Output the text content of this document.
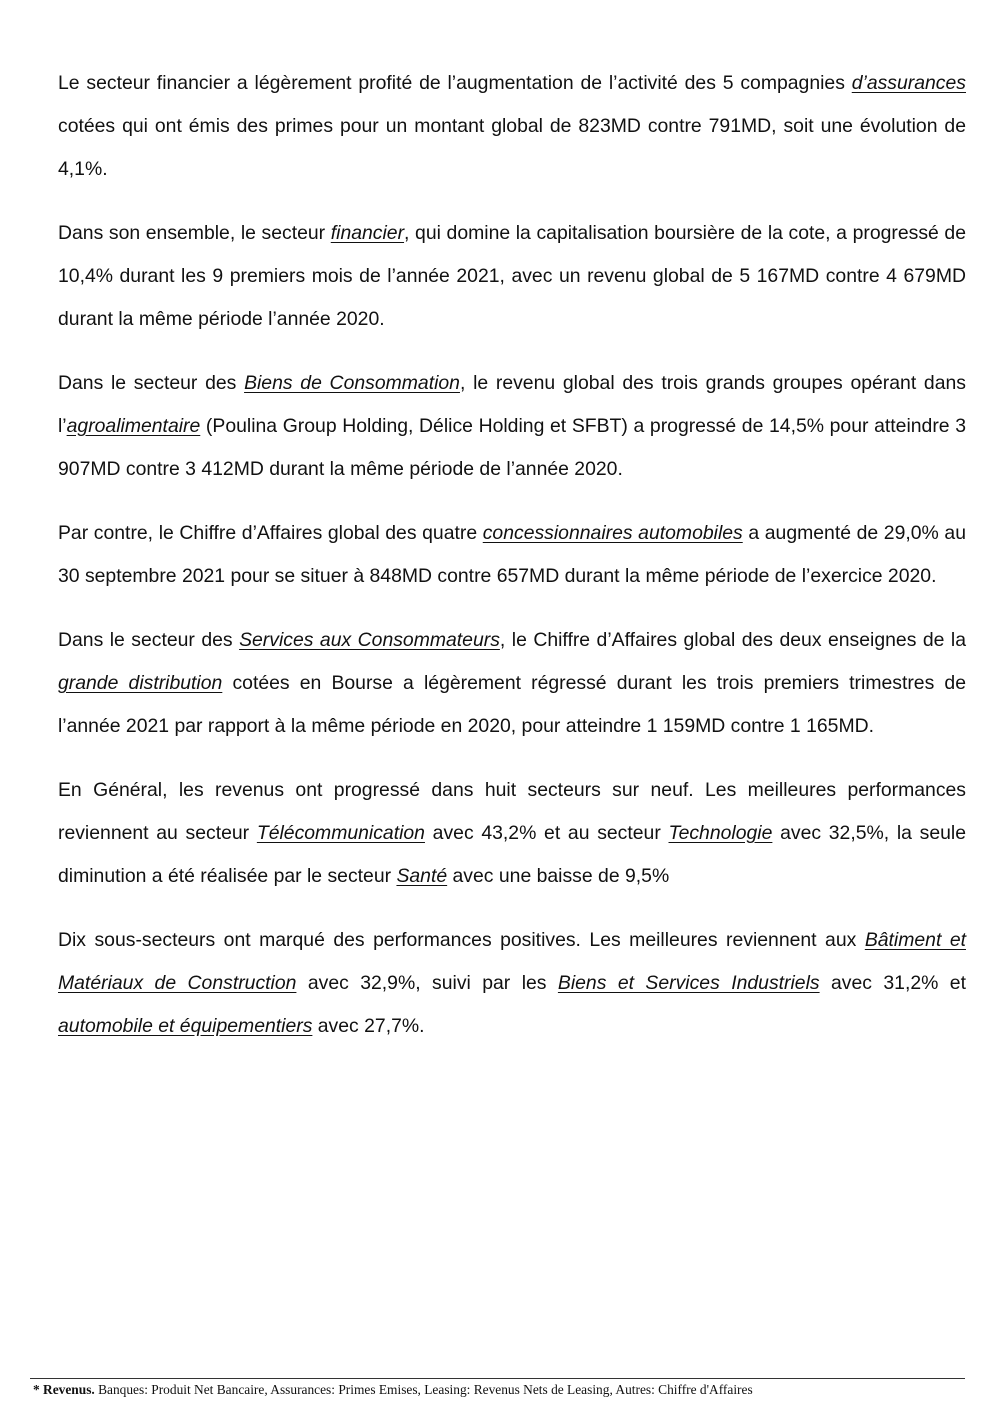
Le secteur financier a légèrement profité de l’augmentation de l’activité des 5 compagnies d’assurances cotées qui ont émis des primes pour un montant global de 823MD contre 791MD, soit une évolution de 4,1%.

Dans son ensemble, le secteur financier, qui domine la capitalisation boursière de la cote, a progressé de 10,4% durant les 9 premiers mois de l’année 2021, avec un revenu global de 5 167MD contre 4 679MD durant la même période l’année 2020.

Dans le secteur des Biens de Consommation, le revenu global des trois grands groupes opérant dans l’agroalimentaire (Poulina Group Holding, Délice Holding et SFBT) a progressé de 14,5% pour atteindre 3 907MD contre 3 412MD durant la même période de l’année 2020.

Par contre, le Chiffre d’Affaires global des quatre concessionnaires automobiles a augmenté de 29,0% au 30 septembre 2021 pour se situer à 848MD contre 657MD durant la même période de l’exercice 2020.

Dans le secteur des Services aux Consommateurs, le Chiffre d’Affaires global des deux enseignes de la grande distribution cotées en Bourse a légèrement régressé durant les trois premiers trimestres de l’année 2021 par rapport à la même période en 2020, pour atteindre 1 159MD contre 1 165MD.

En Général, les revenus ont progressé dans huit secteurs sur neuf. Les meilleures performances reviennent au secteur Télécommunication avec 43,2% et au secteur Technologie avec 32,5%, la seule diminution a été réalisée par le secteur Santé avec une baisse de 9,5%

Dix sous-secteurs ont marqué des performances positives. Les meilleures reviennent aux Bâtiment et Matériaux de Construction avec 32,9%, suivi par les Biens et Services Industriels avec 31,2% et automobile et équipementiers avec 27,7%.

* Revenus. Banques: Produit Net Bancaire, Assurances: Primes Emises, Leasing: Revenus Nets de Leasing, Autres: Chiffre d'Affaires
